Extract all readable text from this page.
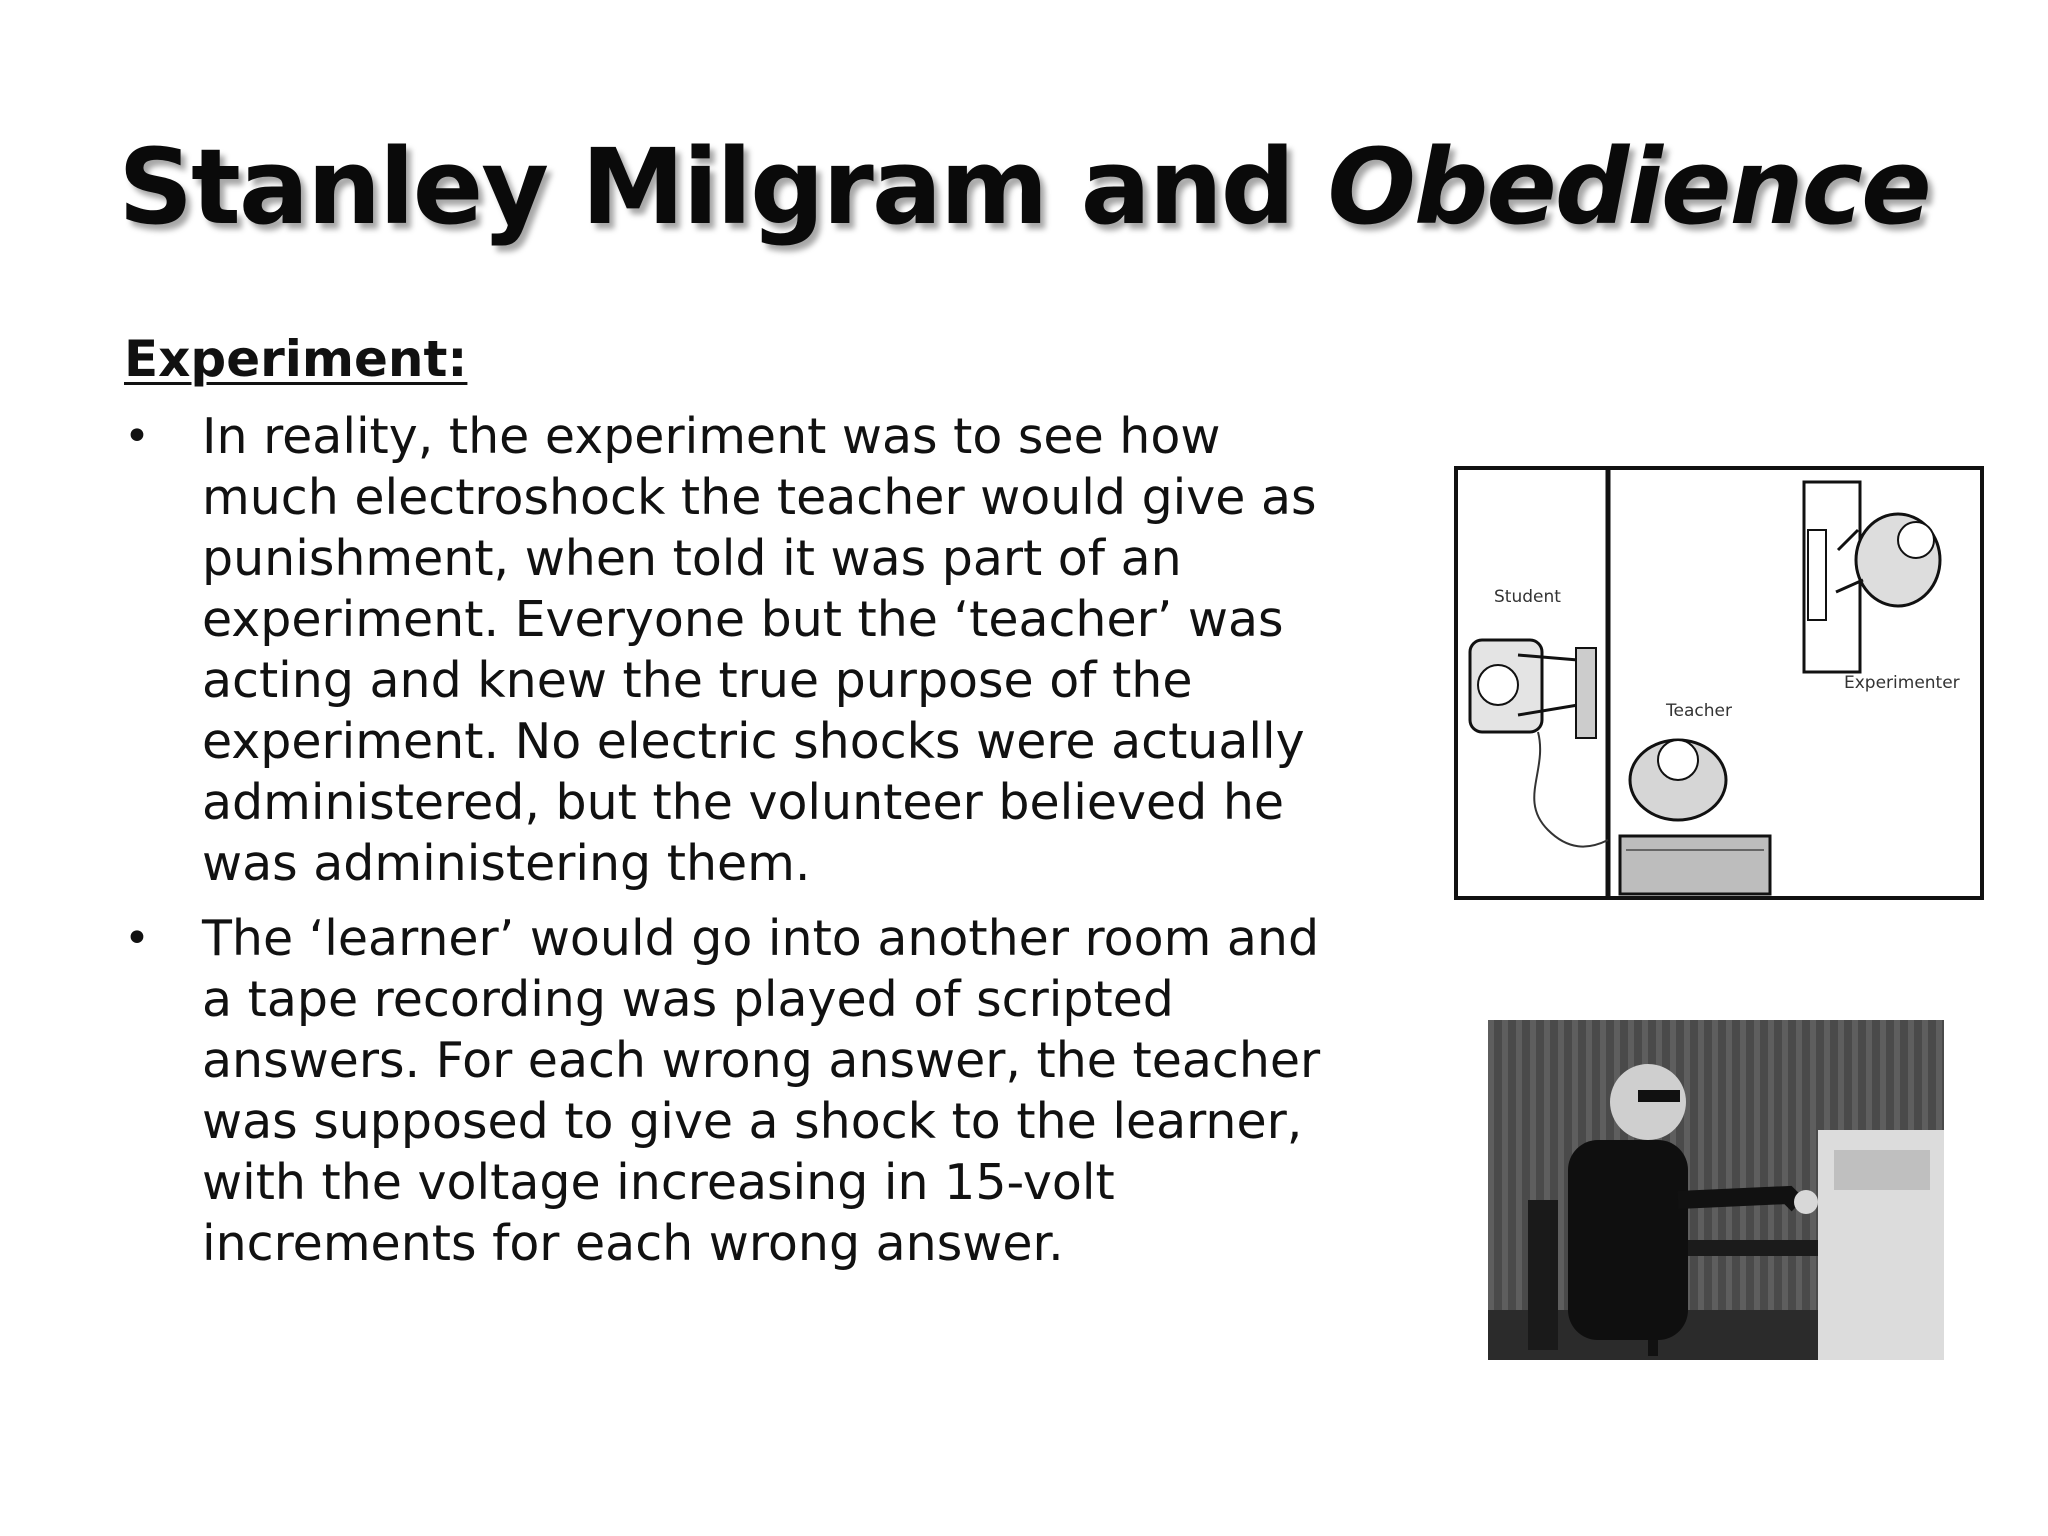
Stanley Milgram and Obedience
Experiment:
• In reality, the experiment was to see how
much electroshock the teacher would give as
punishment, when told it was part of an
experiment. Everyone but the ‘teacher’ was
acting and knew the true purpose of the
experiment. No electric shocks were actually
administered, but the volunteer believed he
was administering them.
• The ‘learner’ would go into another room and
a tape recording was played of scripted
answers. For each wrong answer, the teacher
was supposed to give a shock to the learner,
with the voltage increasing in 15-volt
increments for each wrong answer.
Student
Teacher
Experimenter
